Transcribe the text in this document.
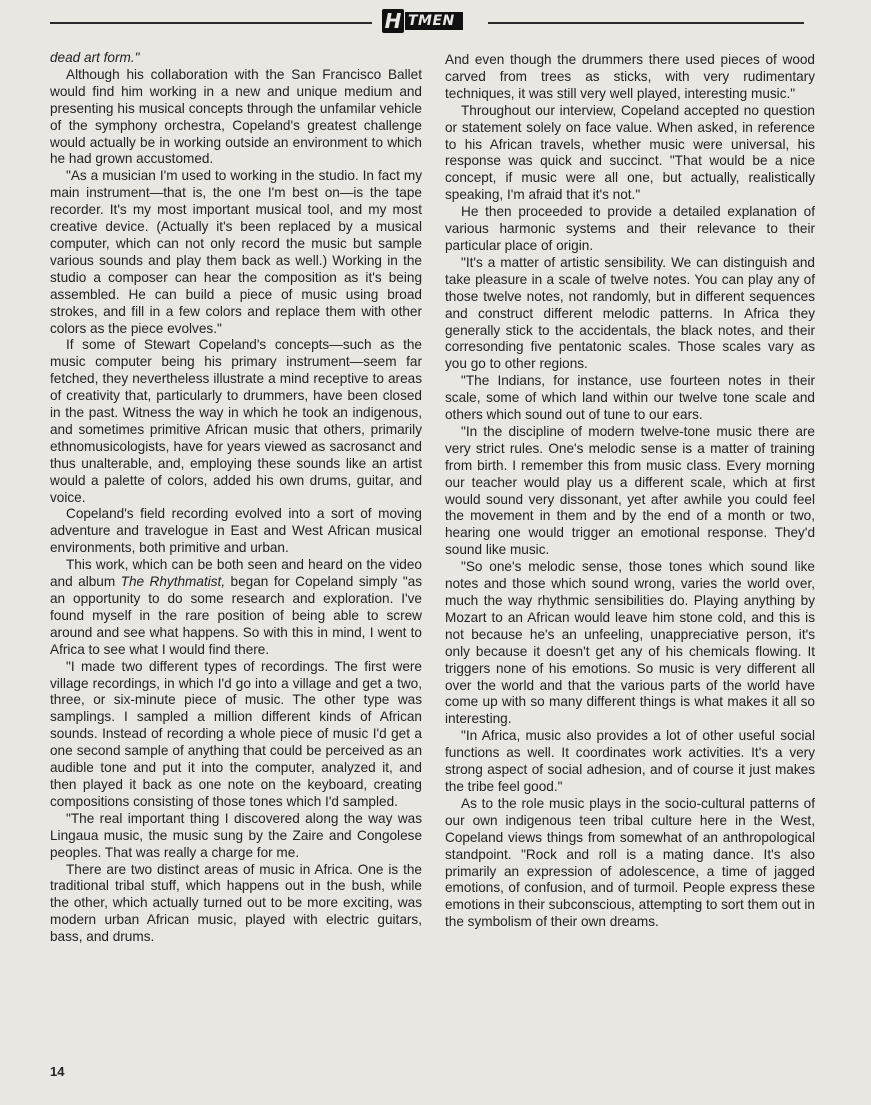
H TMEN

dead art form."

Although his collaboration with the San Francisco Ballet would find him working in a new and unique medium and presenting his musical concepts through the unfamilar vehicle of the symphony orchestra, Copeland's greatest challenge would actually be in working outside an environment to which he had grown accustomed.

"As a musician I'm used to working in the studio. In fact my main instrument—that is, the one I'm best on—is the tape recorder. It's my most important musical tool, and my most creative device. (Actually it's been replaced by a musical computer, which can not only record the music but sample various sounds and play them back as well.) Working in the studio a composer can hear the composition as it's being assembled. He can build a piece of music using broad strokes, and fill in a few colors and replace them with other colors as the piece evolves."

If some of Stewart Copeland's concepts—such as the music computer being his primary instrument—seem far fetched, they nevertheless illustrate a mind receptive to areas of creativity that, particularly to drummers, have been closed in the past. Witness the way in which he took an indigenous, and sometimes primitive African music that others, primarily ethnomusicologists, have for years viewed as sacrosanct and thus unalterable, and, employing these sounds like an artist would a palette of colors, added his own drums, guitar, and voice.

Copeland's field recording evolved into a sort of moving adventure and travelogue in East and West African musical environments, both primitive and urban.

This work, which can be both seen and heard on the video and album The Rhythmatist, began for Copeland simply "as an opportunity to do some research and exploration. I've found myself in the rare position of being able to screw around and see what happens. So with this in mind, I went to Africa to see what I would find there.

"I made two different types of recordings. The first were village recordings, in which I'd go into a village and get a two, three, or six-minute piece of music. The other type was samplings. I sampled a million different kinds of African sounds. Instead of recording a whole piece of music I'd get a one second sample of anything that could be perceived as an audible tone and put it into the computer, analyzed it, and then played it back as one note on the keyboard, creating compositions consisting of those tones which I'd sampled.

"The real important thing I discovered along the way was Lingaua music, the music sung by the Zaire and Congolese peoples. That was really a charge for me.

There are two distinct areas of music in Africa. One is the traditional tribal stuff, which happens out in the bush, while the other, which actually turned out to be more exciting, was modern urban African music, played with electric guitars, bass, and drums.

And even though the drummers there used pieces of wood carved from trees as sticks, with very rudimentary techniques, it was still very well played, interesting music."

Throughout our interview, Copeland accepted no question or statement solely on face value. When asked, in reference to his African travels, whether music were universal, his response was quick and succinct. "That would be a nice concept, if music were all one, but actually, realistically speaking, I'm afraid that it's not."

He then proceeded to provide a detailed explanation of various harmonic systems and their relevance to their particular place of origin.

"It's a matter of artistic sensibility. We can distinguish and take pleasure in a scale of twelve notes. You can play any of those twelve notes, not randomly, but in different sequences and construct different melodic patterns. In Africa they generally stick to the accidentals, the black notes, and their corresonding five pentatonic scales. Those scales vary as you go to other regions.

"The Indians, for instance, use fourteen notes in their scale, some of which land within our twelve tone scale and others which sound out of tune to our ears.

"In the discipline of modern twelve-tone music there are very strict rules. One's melodic sense is a matter of training from birth. I remember this from music class. Every morning our teacher would play us a different scale, which at first would sound very dissonant, yet after awhile you could feel the movement in them and by the end of a month or two, hearing one would trigger an emotional response. They'd sound like music.

"So one's melodic sense, those tones which sound like notes and those which sound wrong, varies the world over, much the way rhythmic sensibilities do. Playing anything by Mozart to an African would leave him stone cold, and this is not because he's an unfeeling, unappreciative person, it's only because it doesn't get any of his chemicals flowing. It triggers none of his emotions. So music is very different all over the world and that the various parts of the world have come up with so many different things is what makes it all so interesting.

"In Africa, music also provides a lot of other useful social functions as well. It coordinates work activities. It's a very strong aspect of social adhesion, and of course it just makes the tribe feel good."

As to the role music plays in the socio-cultural patterns of our own indigenous teen tribal culture here in the West, Copeland views things from somewhat of an anthropological standpoint. "Rock and roll is a mating dance. It's also primarily an expression of adolescence, a time of jagged emotions, of confusion, and of turmoil. People express these emotions in their subconscious, attempting to sort them out in the symbolism of their own dreams.

14
